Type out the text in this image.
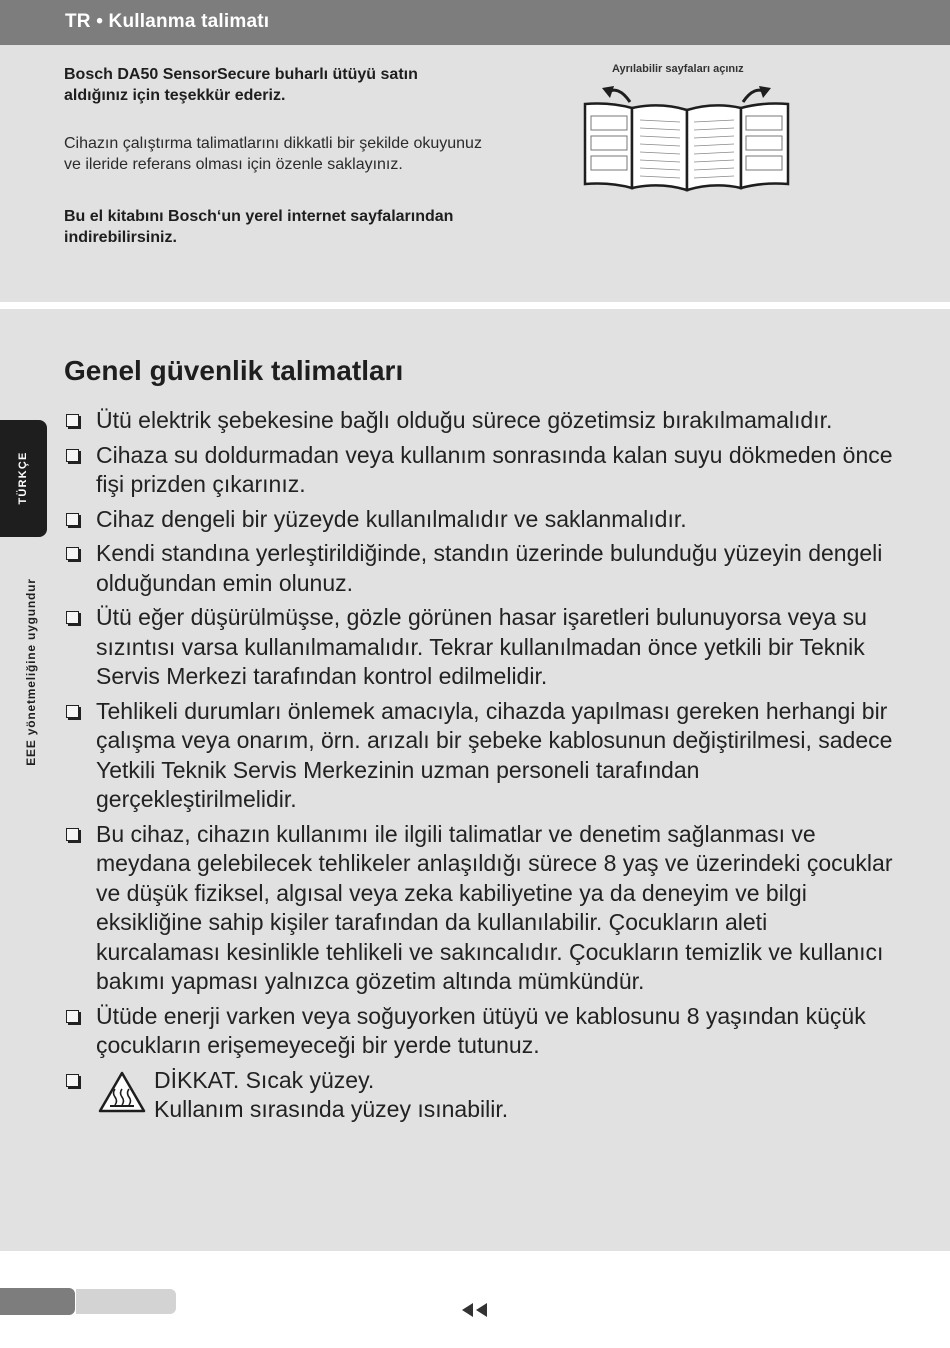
TR • Kullanma talimatı
Bosch DA50 SensorSecure buharlı ütüyü satın aldığınız için teşekkür ederiz.
Cihazın çalıştırma talimatlarını dikkatli bir şekilde okuyunuz ve ileride referans olması için özenle saklayınız.
Bu el kitabını Bosch‘un yerel internet sayfalarından indirebilirsiniz.
Ayrılabilir sayfaları açınız
Genel güvenlik talimatları
Ütü elektrik şebekesine bağlı olduğu sürece gözetimsiz bırakılmamalıdır.
Cihaza su doldurmadan veya kullanım sonrasında kalan suyu dökmeden önce fişi prizden çıkarınız.
Cihaz dengeli bir yüzeyde kullanılmalıdır ve saklanmalıdır.
Kendi standına yerleştirildiğinde, standın üzerinde bulunduğu yüzeyin dengeli olduğundan emin olunuz.
Ütü eğer düşürülmüşse, gözle görünen hasar işaretleri bulunuyorsa veya su sızıntısı varsa kullanılmamalıdır. Tekrar kullanılmadan önce yetkili bir Teknik Servis Merkezi tarafından kontrol edilmelidir.
Tehlikeli durumları önlemek amacıyla, cihazda yapılması gereken herhangi bir çalışma veya onarım, örn. arızalı bir şebeke kablosunun değiştirilmesi, sadece Yetkili Teknik Servis Merkezinin uzman personeli tarafından gerçekleştirilmelidir.
Bu cihaz, cihazın kullanımı ile ilgili talimatlar ve denetim sağlanması ve meydana gelebilecek tehlikeler anlaşıldığı sürece 8 yaş ve üzerindeki çocuklar ve düşük fiziksel, algısal veya zeka kabiliyetine ya da deneyim ve bilgi eksikliğine sahip kişiler tarafından da kullanılabilir. Çocukların aleti kurcalaması kesinlikle tehlikeli ve sakıncalıdır. Çocukların temizlik ve kullanıcı bakımı yapması yalnızca gözetim altında mümkündür.
Ütüde enerji varken veya soğuyorken ütüyü ve kablosunu 8 yaşından küçük çocukların erişemeyeceği bir yerde tutunuz.
DİKKAT. Sıcak yüzey.
Kullanım sırasında yüzey ısınabilir.
TÜRKÇE
EEE yönetmeliğine uygundur
